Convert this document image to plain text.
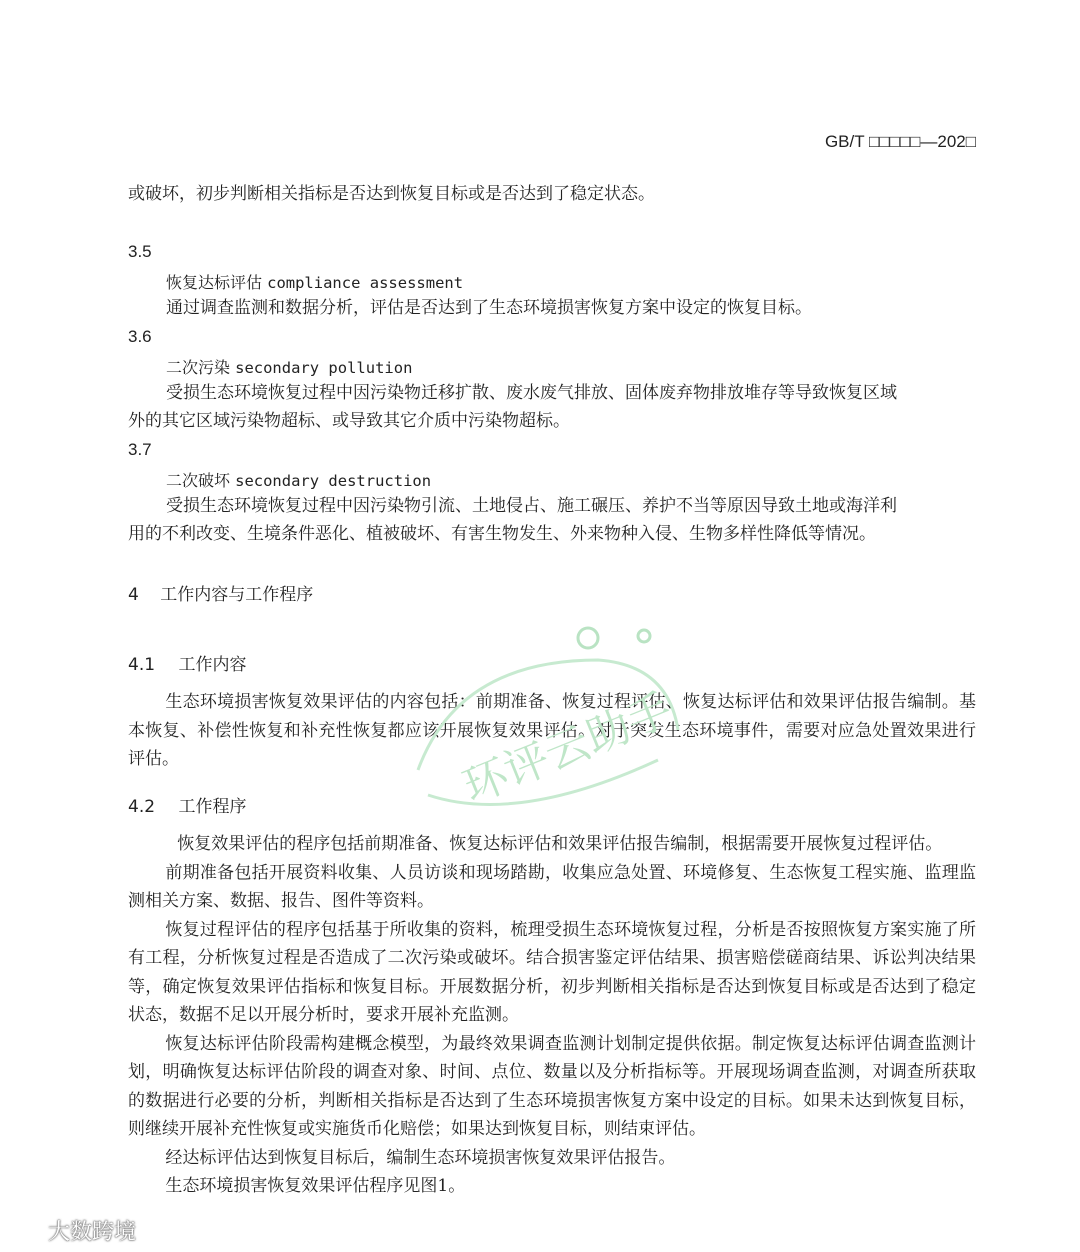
GB/T □□□□□—202□
或破坏，初步判断相关指标是否达到恢复目标或是否达到了稳定状态。
3.5
恢复达标评估 compliance assessment
通过调查监测和数据分析，评估是否达到了生态环境损害恢复方案中设定的恢复目标。
3.6
二次污染 secondary pollution
受损生态环境恢复过程中因污染物迁移扩散、废水废气排放、固体废弃物排放堆存等导致恢复区域
外的其它区域污染物超标、或导致其它介质中污染物超标。
3.7
二次破坏 secondary destruction
受损生态环境恢复过程中因污染物引流、土地侵占、施工碾压、养护不当等原因导致土地或海洋利
用的不利改变、生境条件恶化、植被破坏、有害生物发生、外来物种入侵、生物多样性降低等情况。
4 工作内容与工作程序
4.1 工作内容

生态环境损害恢复效果评估的内容包括：前期准备、恢复过程评估、恢复达标评估和效果评估报告编制。基本恢复、补偿性恢复和补充性恢复都应该开展恢复效果评估。对于突发生态环境事件，需要对应急处置效果进行评估。

4.2 工作程序

恢复效果评估的程序包括前期准备、恢复达标评估和效果评估报告编制，根据需要开展恢复过程评估。

前期准备包括开展资料收集、人员访谈和现场踏勘，收集应急处置、环境修复、生态恢复工程实施、监理监测相关方案、数据、报告、图件等资料。

恢复过程评估的程序包括基于所收集的资料，梳理受损生态环境恢复过程，分析是否按照恢复方案实施了所有工程，分析恢复过程是否造成了二次污染或破坏。结合损害鉴定评估结果、损害赔偿磋商结果、诉讼判决结果等，确定恢复效果评估指标和恢复目标。开展数据分析，初步判断相关指标是否达到恢复目标或是否达到了稳定状态，数据不足以开展分析时，要求开展补充监测。

恢复达标评估阶段需构建概念模型，为最终效果调查监测计划制定提供依据。制定恢复达标评估调查监测计划，明确恢复达标评估阶段的调查对象、时间、点位、数量以及分析指标等。开展现场调查监测，对调查所获取的数据进行必要的分析，判断相关指标是否达到了生态环境损害恢复方案中设定的目标。如果未达到恢复目标，则继续开展补充性恢复或实施货币化赔偿；如果达到恢复目标，则结束评估。

经达标评估达到恢复目标后，编制生态环境损害恢复效果评估报告。

生态环境损害恢复效果评估程序见图1。

环评云助手
大数跨境
